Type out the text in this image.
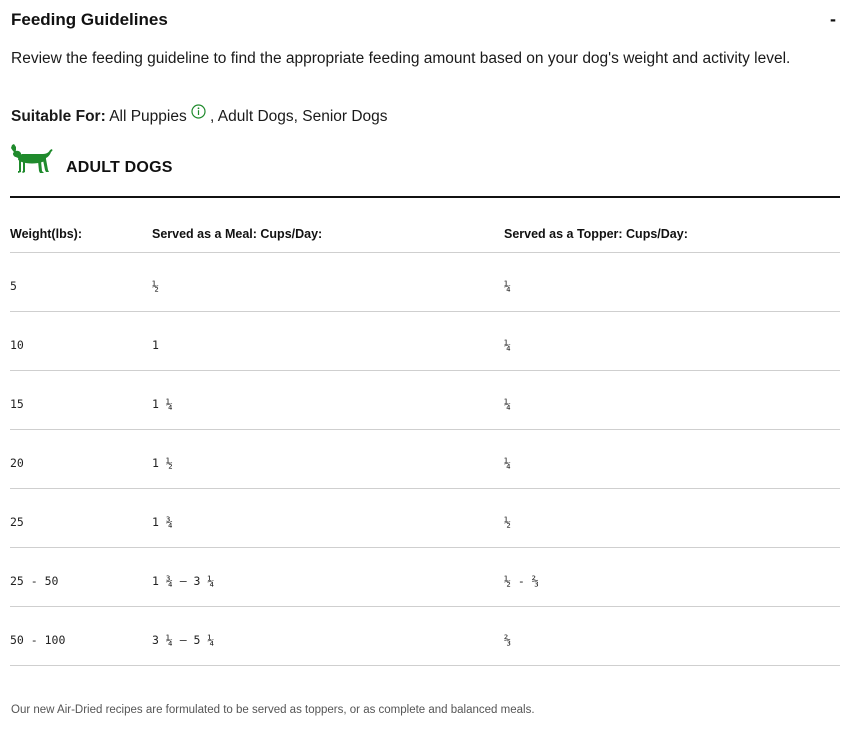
Feeding Guidelines	-
Review the feeding guideline to find the appropriate feeding amount based on your dog's weight and activity level.
Suitable For: All Puppies , Adult Dogs, Senior Dogs
ADULT DOGS
Weight(lbs):	Served as a Meal: Cups/Day:	Served as a Topper: Cups/Day:
5	½	¼
10	1	¼
15	1 ¼	¼
20	1 ½	¼
25	1 ¾	½
25 - 50	1 ¾ – 3 ¼	½ - ⅔
50 - 100	3 ¼ – 5 ¼	⅔
Our new Air-Dried recipes are formulated to be served as toppers, or as complete and balanced meals.
